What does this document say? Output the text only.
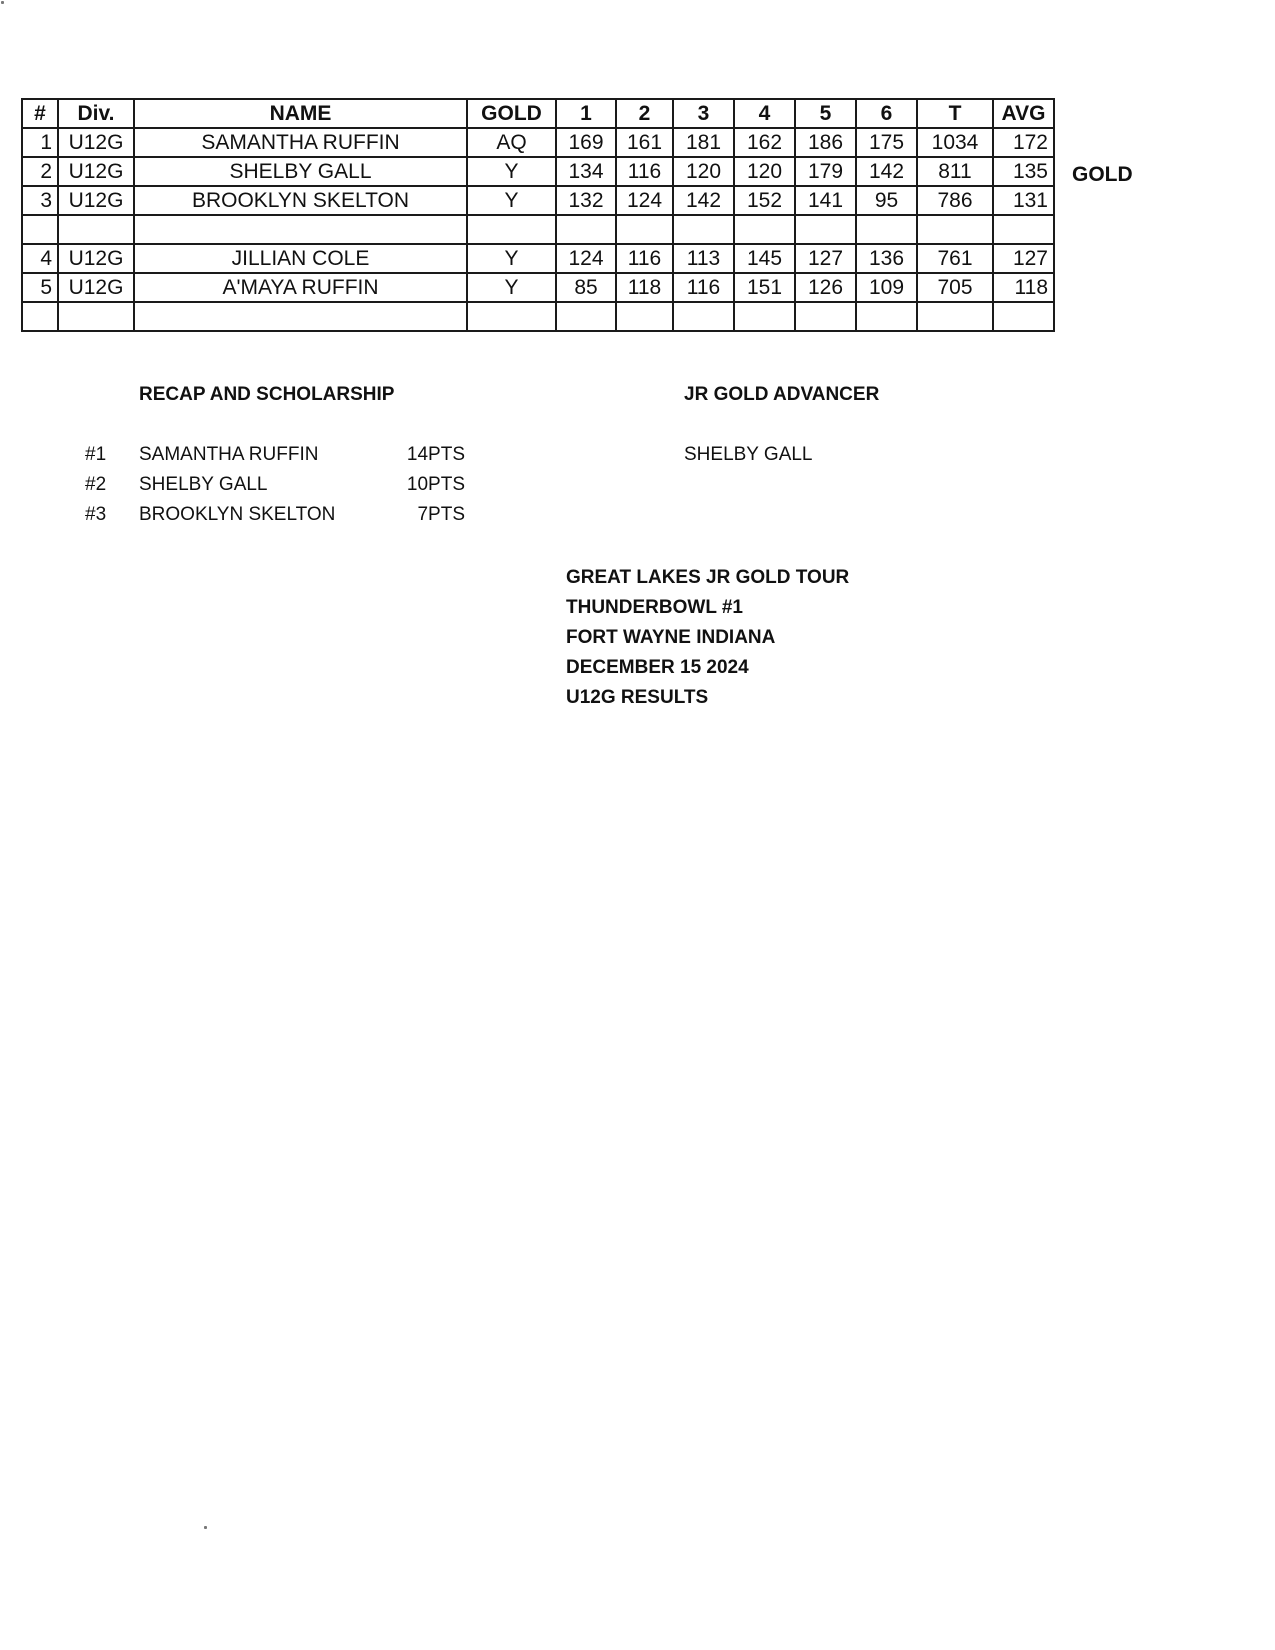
#	Div.	NAME	GOLD	1	2	3	4	5	6	T	AVG
1	U12G	SAMANTHA RUFFIN	AQ	169	161	181	162	186	175	1034	172
2	U12G	SHELBY GALL	Y	134	116	120	120	179	142	811	135
3	U12G	BROOKLYN SKELTON	Y	132	124	142	152	141	95	786	131

4	U12G	JILLIAN COLE	Y	124	116	113	145	127	136	761	127
5	U12G	A'MAYA RUFFIN	Y	85	118	116	151	126	109	705	118

GOLD
RECAP AND SCHOLARSHIP	JR GOLD ADVANCER
#1 SAMANTHA RUFFIN	14PTS
#2 SHELBY GALL	10PTS
#3 BROOKLYN SKELTON	7PTS
SHELBY GALL
GREAT LAKES JR GOLD TOUR
THUNDERBOWL #1
FORT WAYNE INDIANA
DECEMBER 15 2024
U12G RESULTS
